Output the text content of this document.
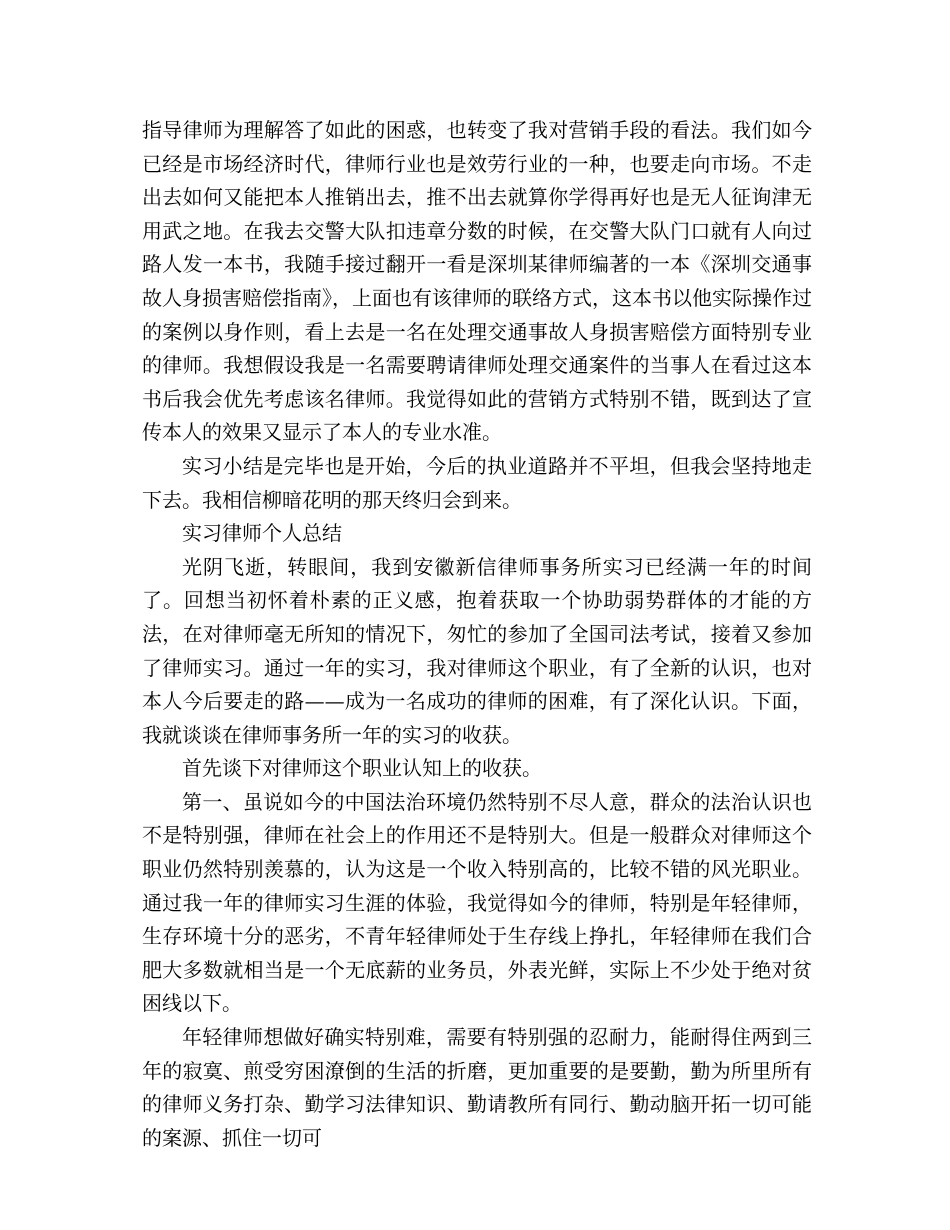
指导律师为理解答了如此的困惑，也转变了我对营销手段的看法。我们如今已经是市场经济时代，律师行业也是效劳行业的一种，也要走向市场。不走出去如何又能把本人推销出去，推不出去就算你学得再好也是无人征询津无用武之地。在我去交警大队扣违章分数的时候，在交警大队门口就有人向过路人发一本书，我随手接过翻开一看是深圳某律师编著的一本《深圳交通事故人身损害赔偿指南》，上面也有该律师的联络方式，这本书以他实际操作过的案例以身作则，看上去是一名在处理交通事故人身损害赔偿方面特别专业的律师。我想假设我是一名需要聘请律师处理交通案件的当事人在看过这本书后我会优先考虑该名律师。我觉得如此的营销方式特别不错，既到达了宣传本人的效果又显示了本人的专业水准。

实习小结是完毕也是开始，今后的执业道路并不平坦，但我会坚持地走下去。我相信柳暗花明的那天终归会到来。

实习律师个人总结

光阴飞逝，转眼间，我到安徽新信律师事务所实习已经满一年的时间了。回想当初怀着朴素的正义感，抱着获取一个协助弱势群体的才能的方法，在对律师毫无所知的情况下，匆忙的参加了全国司法考试，接着又参加了律师实习。通过一年的实习，我对律师这个职业，有了全新的认识，也对本人今后要走的路——成为一名成功的律师的困难，有了深化认识。下面，我就谈谈在律师事务所一年的实习的收获。

首先谈下对律师这个职业认知上的收获。

第一、虽说如今的中国法治环境仍然特别不尽人意，群众的法治认识也不是特别强，律师在社会上的作用还不是特别大。但是一般群众对律师这个职业仍然特别羡慕的，认为这是一个收入特别高的，比较不错的风光职业。通过我一年的律师实习生涯的体验，我觉得如今的律师，特别是年轻律师，生存环境十分的恶劣，不青年轻律师处于生存线上挣扎，年轻律师在我们合肥大多数就相当是一个无底薪的业务员，外表光鲜，实际上不少处于绝对贫困线以下。

年轻律师想做好确实特别难，需要有特别强的忍耐力，能耐得住两到三年的寂寞、煎受穷困潦倒的生活的折磨，更加重要的是要勤，勤为所里所有的律师义务打杂、勤学习法律知识、勤请教所有同行、勤动脑开拓一切可能的案源、抓住一切可
